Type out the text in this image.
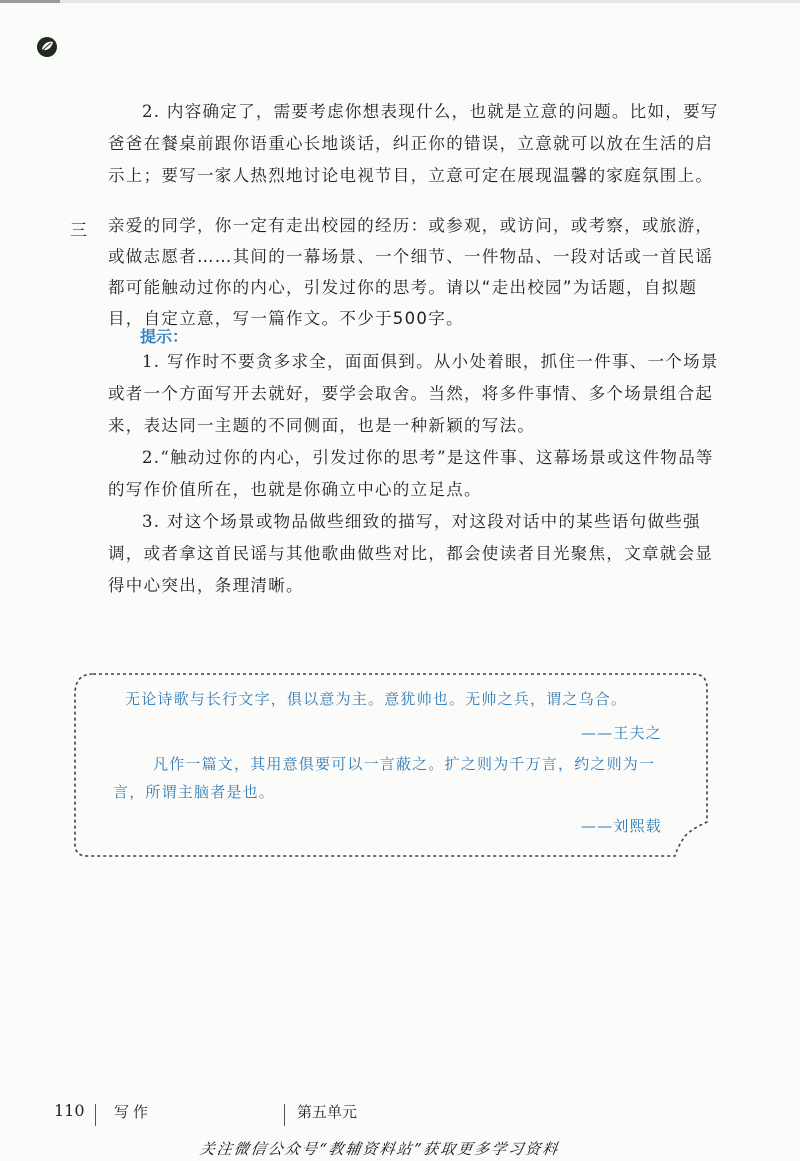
2. 内容确定了，需要考虑你想表现什么，也就是立意的问题。比如，要写
爸爸在餐桌前跟你语重心长地谈话，纠正你的错误，立意就可以放在生活的启示上；要写一家人热烈地讨论电视节目，立意可定在展现温馨的家庭氛围上。
三 亲爱的同学，你一定有走出校园的经历：或参观，或访问，或考察，或旅游，或做志愿者……其间的一幕场景、一个细节、一件物品、一段对话或一首民谣都可能触动过你的内心，引发过你的思考。请以“走出校园”为话题，自拟题目，自定立意，写一篇作文。不少于500字。

提示：

1. 写作时不要贪多求全，面面俱到。从小处着眼，抓住一件事、一个场景或者一个方面写开去就好，要学会取舍。当然，将多件事情、多个场景组合起来，表达同一主题的不同侧面，也是一种新颖的写法。

2.“触动过你的内心，引发过你的思考”是这件事、这幕场景或这件物品等的写作价值所在，也就是你确立中心的立足点。

3. 对这个场景或物品做些细致的描写，对这段对话中的某些语句做些强调，或者拿这首民谣与其他歌曲做些对比，都会使读者目光聚焦，文章就会显得中心突出，条理清晰。

无论诗歌与长行文字，俱以意为主。意犹帅也。无帅之兵，谓之乌合。

——王夫之

凡作一篇文，其用意俱要可以一言蔽之。扩之则为千万言，约之则为一言，所谓主脑者是也。

——刘熙载

110 写作	第五单元
关注微信公众号“教辅资料站”获取更多学习资料
